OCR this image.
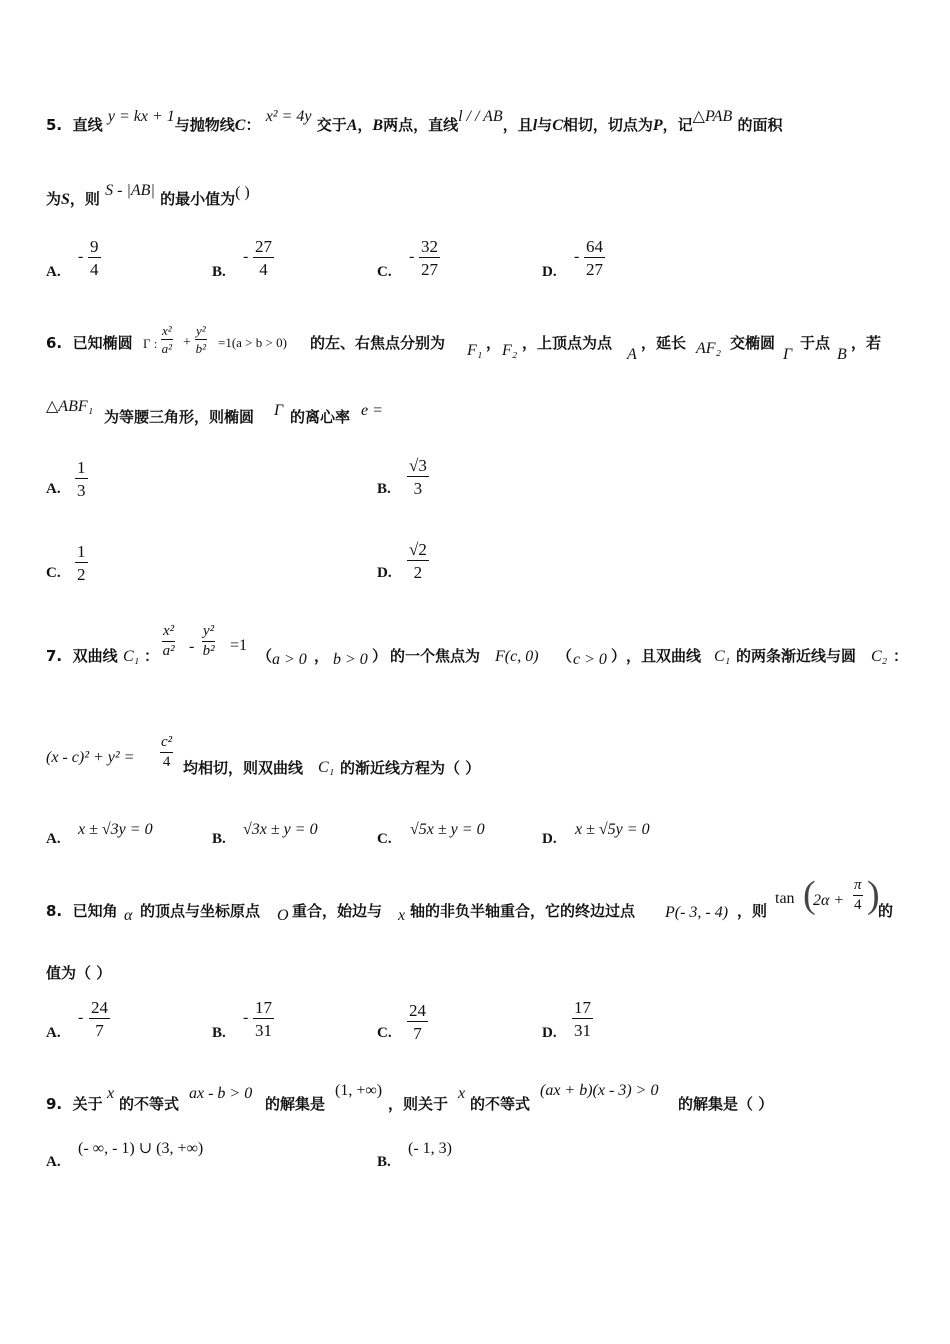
5. 直线 y = kx + 1与抛物线C： x² = 4y 交于A，B两点，直线l / / AB，且l与C相切，切点为P，记△PAB 的面积
为S，则 S - |AB| 的最小值为( )
A.
- $\frac{9}{4}$	B.
- $\frac{27}{4}$	C.
- $\frac{32}{27}$	D.
- $\frac{64}{27}$
6. 已知椭圆 Γ : $\frac{\text{x²}}{\text{a²}} + \frac{\text{y²}}{\text{b²}} =1(a > b > 0)$ 的左、右焦点分别为 F₁ ， F₂ ，上顶点为点
A
，延长 AF₂ 交椭圆
Γ
于点
B
，若
△ABF₁
为等腰三角形，则椭圆 Γ 的离心率 e =
A. $\frac{1}{3}$	B. $\frac{√3}{3}$
C. $\frac{1}{2}$	D. $\frac{√2}{2}$
7. 双曲线 C₁ ： $\frac{\text{x²}}{\text{a²}} - \frac{\text{y²}}{\text{b²}} =1$
（ a > 0 ， b > 0 ） 的一个焦点为 F(c, 0) （ c > 0 ） ，且双曲线 C₁ 的两条渐近线与圆 C₂ ：
$(x - c)^2 + y^2 = \frac{\text{c²}}{4}$ 均相切，则双曲线 C₁ 的渐近线方程为（ ）
A.
x ± √3y = 0
B.
√3x ± y = 0
C.
√5x ± y = 0
D.
x ± √5y = 0
8. 已知角 α 的顶点与坐标原点 O 重合，始边与 x 轴的非负半轴重合，它的终边过点 P(- 3, - 4) ，则
tan (
$2\alpha + \frac{\pi}{4}$ )
的
值为（ ）
A.
- $\frac{24}{7}$	B.
- $\frac{17}{31}$	C. $\frac{24}{7}$	D. $\frac{17}{31}$
9. 关于
x
的不等式
ax - b > 0
的解集是
(1, +∞)
，则关于
x
的不等式
(ax + b)(x - 3) > 0
的解集是（ ）
A.
(- ∞, - 1) ∪ (3, +∞)
B.
(- 1, 3)
